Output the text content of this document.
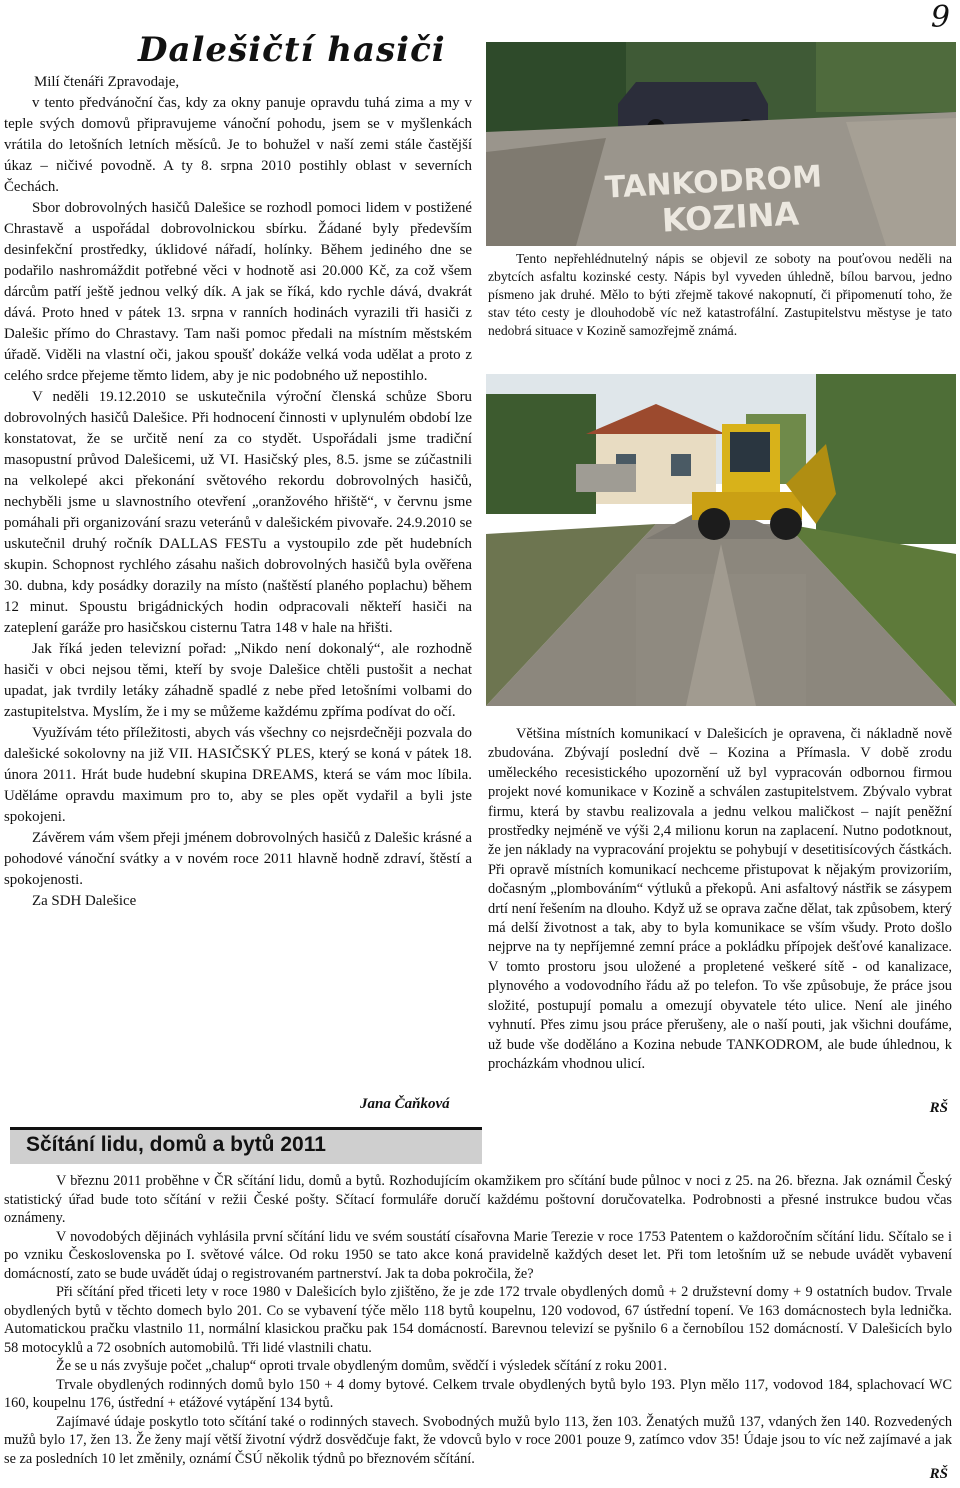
9
Dalešičtí hasiči

Milí čtenáři Zpravodaje,

v tento předvánoční čas, kdy za okny panuje opravdu tuhá zima a my v teple svých domovů připravujeme vánoční pohodu, jsem se v myšlenkách vrátila do letošních letních měsíců. Je to bohužel v naší zemi stále častější úkaz – ničivé povodně. A ty 8. srpna 2010 postihly oblast v severních Čechách.

Sbor dobrovolných hasičů Dalešice se rozhodl pomoci lidem v postižené Chrastavě a uspořádal dobrovolnickou sbírku. Žádané byly především desinfekční prostředky, úklidové nářadí, holínky. Během jediného dne se podařilo nashromáždit potřebné věci v hodnotě asi 20.000 Kč, za což všem dárcům patří ještě jednou velký dík. A jak se říká, kdo rychle dává, dvakrát dává. Proto hned v pátek 13. srpna v ranních hodinách vyrazili tři hasiči z Dalešic přímo do Chrastavy. Tam naši pomoc předali na místním městském úřadě. Viděli na vlastní oči, jakou spoušť dokáže velká voda udělat a proto z celého srdce přejeme těmto lidem, aby je nic podobného už nepostihlo.

V neděli 19.12.2010 se uskutečnila výroční členská schůze Sboru dobrovolných hasičů Dalešice. Při hodnocení činnosti v uplynulém období lze konstatovat, že se určitě není za co stydět. Uspořádali jsme tradiční masopustní průvod Dalešicemi, už VI. Hasičský ples, 8.5. jsme se zúčastnili na velkolepé akci překonání světového rekordu dobrovolných hasičů, nechyběli jsme u slavnostního otevření „oranžového hřiště“, v červnu jsme pomáhali při organizování srazu veteránů v dalešickém pivovaře. 24.9.2010 se uskutečnil druhý ročník DALLAS FESTu a vystoupilo zde pět hudebních skupin. Schopnost rychlého zásahu našich dobrovolných hasičů byla ověřena 30. dubna, kdy posádky dorazily na místo (naštěstí planého poplachu) během 12 minut. Spoustu brigádnických hodin odpracovali někteří hasiči na zateplení garáže pro hasičskou cisternu Tatra 148 v hale na hřišti.

Jak říká jeden televizní pořad: „Nikdo není dokonalý“, ale rozhodně hasiči v obci nejsou těmi, kteří by svoje Dalešice chtěli pustošit a nechat upadat, jak tvrdily letáky záhadně spadlé z nebe před letošními volbami do zastupitelstva. Myslím, že i my se můžeme každému zpříma podívat do očí.

Využívám této příležitosti, abych vás všechny co nejsrdečněji pozvala do dalešické sokolovny na již VII. HASIČSKÝ PLES, který se koná v pátek 18. února 2011. Hrát bude hudební skupina DREAMS, která se vám moc líbila. Uděláme opravdu maximum pro to, aby se ples opět vydařil a byli jste spokojeni.

Závěrem vám všem přeji jménem dobrovolných hasičů z Dalešic krásné a pohodové vánoční svátky a v novém roce 2011 hlavně hodně zdraví, štěstí a spokojenosti.

Za SDH Dalešice

Jana Čaňková
TANKODROM
KOZINA

Tento nepřehlédnutelný nápis se objevil ze soboty na pouťovou neděli na zbytcích asfaltu kozinské cesty. Nápis byl vyveden úhledně, bílou barvou, jedno písmeno jak druhé. Mělo to býti zřejmě takové nakopnutí, či připomenutí toho, že stav této cesty je dlouhodobě víc než katastrofální. Zastupitelstvu městyse je tato nedobrá situace v Kozině samozřejmě známá.

Většina místních komunikací v Dalešicích je opravena, či nákladně nově zbudována. Zbývají poslední dvě – Kozina a Přímasla. V době zrodu uměleckého recesistického upozornění už byl vypracován odbornou firmou projekt nové komunikace v Kozině a schválen zastupitelstvem. Zbývalo vybrat firmu, která by stavbu realizovala a jednu velkou maličkost – najít peněžní prostředky nejméně ve výši 2,4 milionu korun na zaplacení. Nutno podotknout, že jen náklady na vypracování projektu se pohybují v desetitisícových částkách. Při opravě místních komunikací nechceme přistupovat k nějakým provizoriím, dočasným „plombováním“ výtluků a překopů. Ani asfaltový nástřik se zásypem drtí není řešením na dlouho. Když už se oprava začne dělat, tak způsobem, který má delší životnost a tak, aby to byla komunikace se vším všudy. Proto došlo nejprve na ty nepříjemné zemní práce a pokládku přípojek dešťové kanalizace. V tomto prostoru jsou uložené a propletené veškeré sítě - od kanalizace, plynového a vodovodního řádu až po telefon. To vše způsobuje, že práce jsou složité, postupují pomalu a omezují obyvatele této ulice. Není ale jiného vyhnutí. Přes zimu jsou práce přerušeny, ale o naší pouti, jak všichni doufáme, už bude vše doděláno a Kozina nebude TANKODROM, ale bude úhlednou, k procházkám vhodnou ulicí.

RŠ
Sčítání lidu, domů a bytů 2011

V březnu 2011 proběhne v ČR sčítání lidu, domů a bytů. Rozhodujícím okamžikem pro sčítání bude půlnoc v noci z 25. na 26. března. Jak oznámil Český statistický úřad bude toto sčítání v režii České pošty. Sčítací formuláře doručí každému poštovní doručovatelka. Podrobnosti a přesné instrukce budou včas oznámeny.

V novodobých dějinách vyhlásila první sčítání lidu ve svém soustátí císařovna Marie Terezie v roce 1753 Patentem o každoročním sčítání lidu. Sčítalo se i po vzniku Československa po I. světové válce. Od roku 1950 se tato akce koná pravidelně každých deset let. Při tom letošním už se nebude uvádět vybavení domácností, zato se bude uvádět údaj o registrovaném partnerství. Jak ta doba pokročila, že?

Při sčítání před třiceti lety v roce 1980 v Dalešicích bylo zjištěno, že je zde 172 trvale obydlených domů + 2 družstevní domy + 9 ostatních budov. Trvale obydlených bytů v těchto domech bylo 201. Co se vybavení týče mělo 118 bytů koupelnu, 120 vodovod, 67 ústřední topení. Ve 163 domácnostech byla lednička. Automatickou pračku vlastnilo 11, normální klasickou pračku pak 154 domácností. Barevnou televizí se pyšnilo 6 a černobílou 152 domácností. V Dalešicích bylo 58 motocyklů a 72 osobních automobilů. Tři lidé vlastnili chatu.

Že se u nás zvyšuje počet „chalup“ oproti trvale obydleným domům, svědčí i výsledek sčítání z roku 2001.

Trvale obydlených rodinných domů bylo 150 + 4 domy bytové. Celkem trvale obydlených bytů bylo 193. Plyn mělo 117, vodovod 184, splachovací WC 160, koupelnu 176, ústřední + etážové vytápění 134 bytů.

Zajímavé údaje poskytlo toto sčítání také o rodinných stavech. Svobodných mužů bylo 113, žen 103. Ženatých mužů 137, vdaných žen 140. Rozvedených mužů bylo 17, žen 13. Že ženy mají větší životní výdrž dosvědčuje fakt, že vdovců bylo v roce 2001 pouze 9, zatímco vdov 35! Údaje jsou to víc než zajímavé a jak se za posledních 10 let změnily, oznámí ČSÚ několik týdnů po březnovém sčítání.

RŠ
